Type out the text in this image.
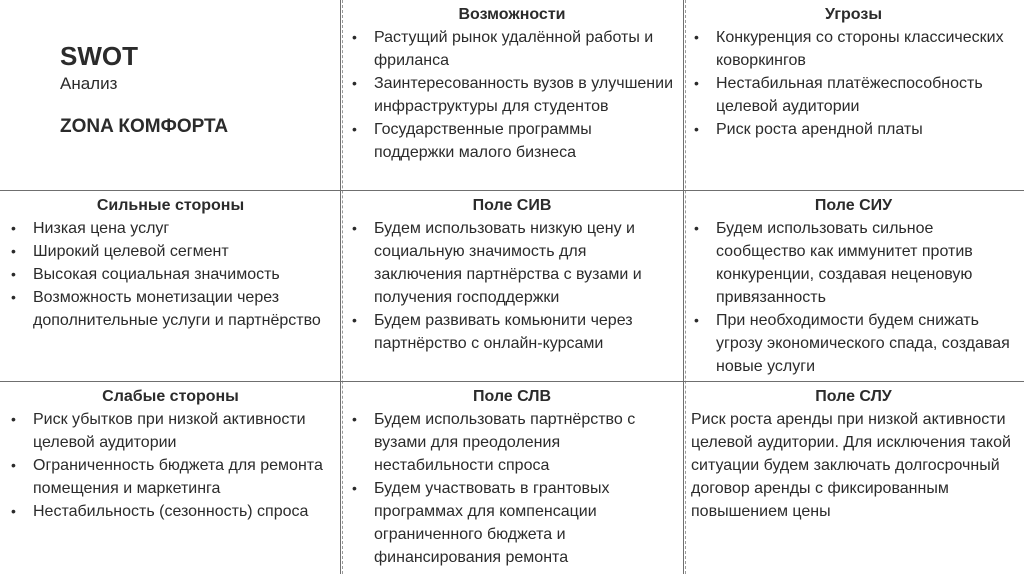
SWOT
Анализ
ZONA КОМФОРТА
Возможности
• Растущий рынок удалённой работы и фриланса
• Заинтересованность вузов в улучшении инфраструктуры для студентов
• Государственные программы поддержки малого бизнеса
Угрозы
• Конкуренция со стороны классических коворкингов
• Нестабильная платёжеспособность целевой аудитории
• Риск роста арендной платы
Сильные стороны
• Низкая цена услуг
• Широкий целевой сегмент
• Высокая социальная значимость
• Возможность монетизации через дополнительные услуги и партнёрство
Поле СИВ
• Будем использовать низкую цену и социальную значимость для заключения партнёрства с вузами и получения господдержки
• Будем развивать комьюнити через партнёрство с онлайн-курсами
Поле СИУ
• Будем использовать сильное сообщество как иммунитет против конкуренции, создавая неценовую привязанность
• При необходимости будем снижать угрозу экономического спада, создавая новые услуги
Слабые стороны
• Риск убытков при низкой активности целевой аудитории
• Ограниченность бюджета для ремонта помещения и маркетинга
• Нестабильность (сезонность) спроса
Поле СЛВ
• Будем использовать партнёрство с вузами для преодоления нестабильности спроса
• Будем участвовать в грантовых программах для компенсации ограниченного бюджета и финансирования ремонта
Поле СЛУ

Риск роста аренды при низкой активности целевой аудитории. Для исключения такой ситуации будем заключать долгосрочный договор аренды с фиксированным повышением цены
